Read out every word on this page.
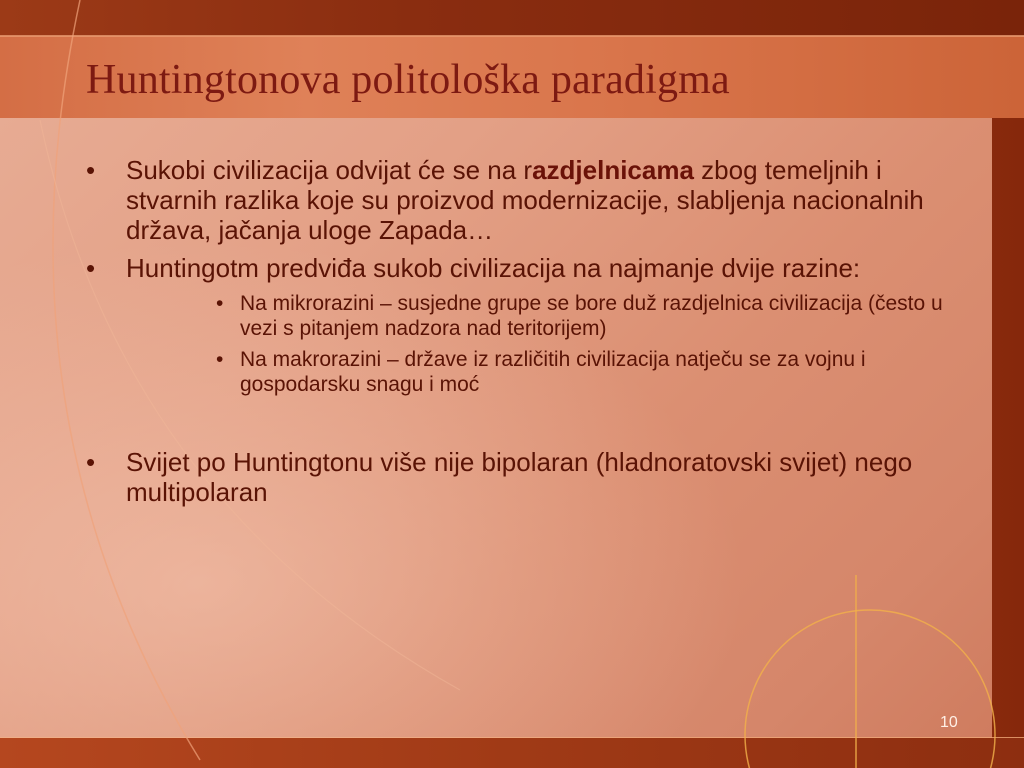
Huntingtonova politološka paradigma
• Sukobi civilizacija odvijat će se na razdjelnicama zbog temeljnih i stvarnih razlika koje su proizvod modernizacije, slabljenja nacionalnih država, jačanja uloge Zapada…
• Huntingotm predviđa sukob civilizacija na najmanje dvije razine:
• Na mikrorazini – susjedne grupe se bore duž razdjelnica civilizacija (često u vezi s pitanjem nadzora nad teritorijem)
• Na makrorazini – države iz različitih civilizacija natječu se za vojnu i gospodarsku snagu i moć
• Svijet po Huntingtonu više nije bipolaran (hladnoratovski svijet) nego multipolaran
10
